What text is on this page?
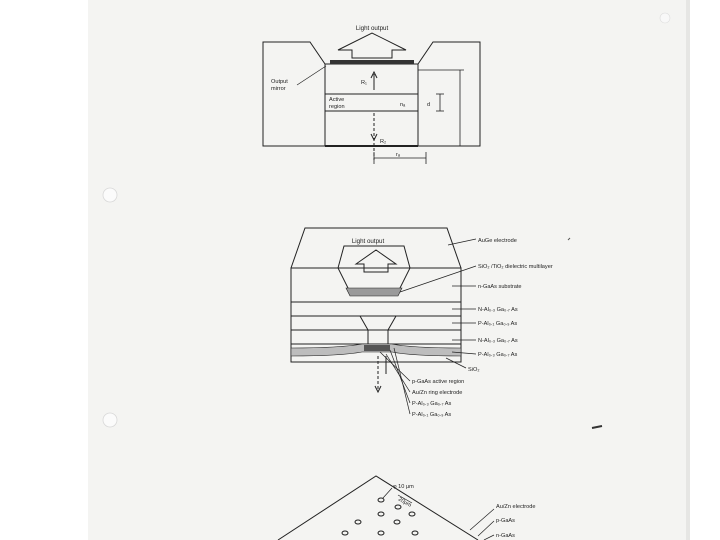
Light output
Output
mirror
Active
region
R₁
R₂
nₐ	d
rₐ
Light output	AuGe electrode
SiO₂ /TiO₂ dielectric multilayer
n-GaAs substrate
N-Al₀.₃ Ga₀.₇ As
P-Al₀.₁ Ga₀.₉ As
N-Al₀.₃ Ga₀.₇ As
P-Al₀.₃ Ga₀.₇ As
SiO₂
p-GaAs active region
Au/Zn ring electrode
P-Al₀.₃ Ga₀.₇ As
P-Al₀.₁ Ga₀.₉ As
φ 10 μm
20μm	Au/Zn electrode
p-GaAs
n-GaAs
